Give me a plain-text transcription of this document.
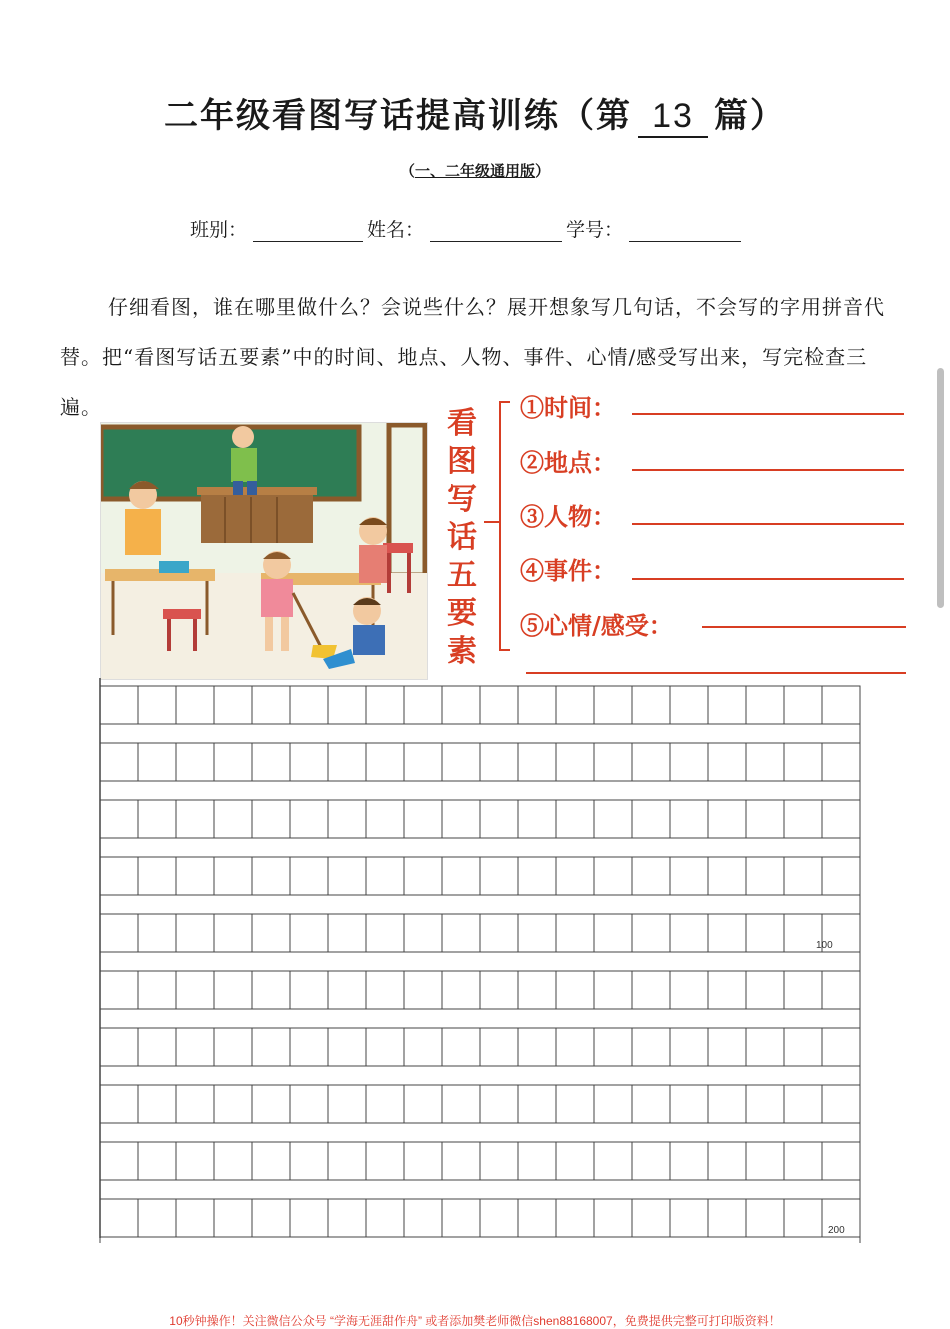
二年级看图写话提高训练（第 13 篇）
（一、二年级通用版）
班别：	姓名：	学号：
仔细看图，谁在哪里做什么？会说些什么？展开想象写几句话，不会写的字用拼音代替。把“看图写话五要素”中的时间、地点、人物、事件、心情/感受写出来，写完检查三遍。	看
图
写
话
五
要
素
①时间：
②地点：
③人物：
④事件：
⑤心情/感受：
100
200
10秒钟操作！关注微信公众号 “学海无涯甜作舟” 或者添加樊老师微信shen88168007，免费提供完整可打印版资料！
